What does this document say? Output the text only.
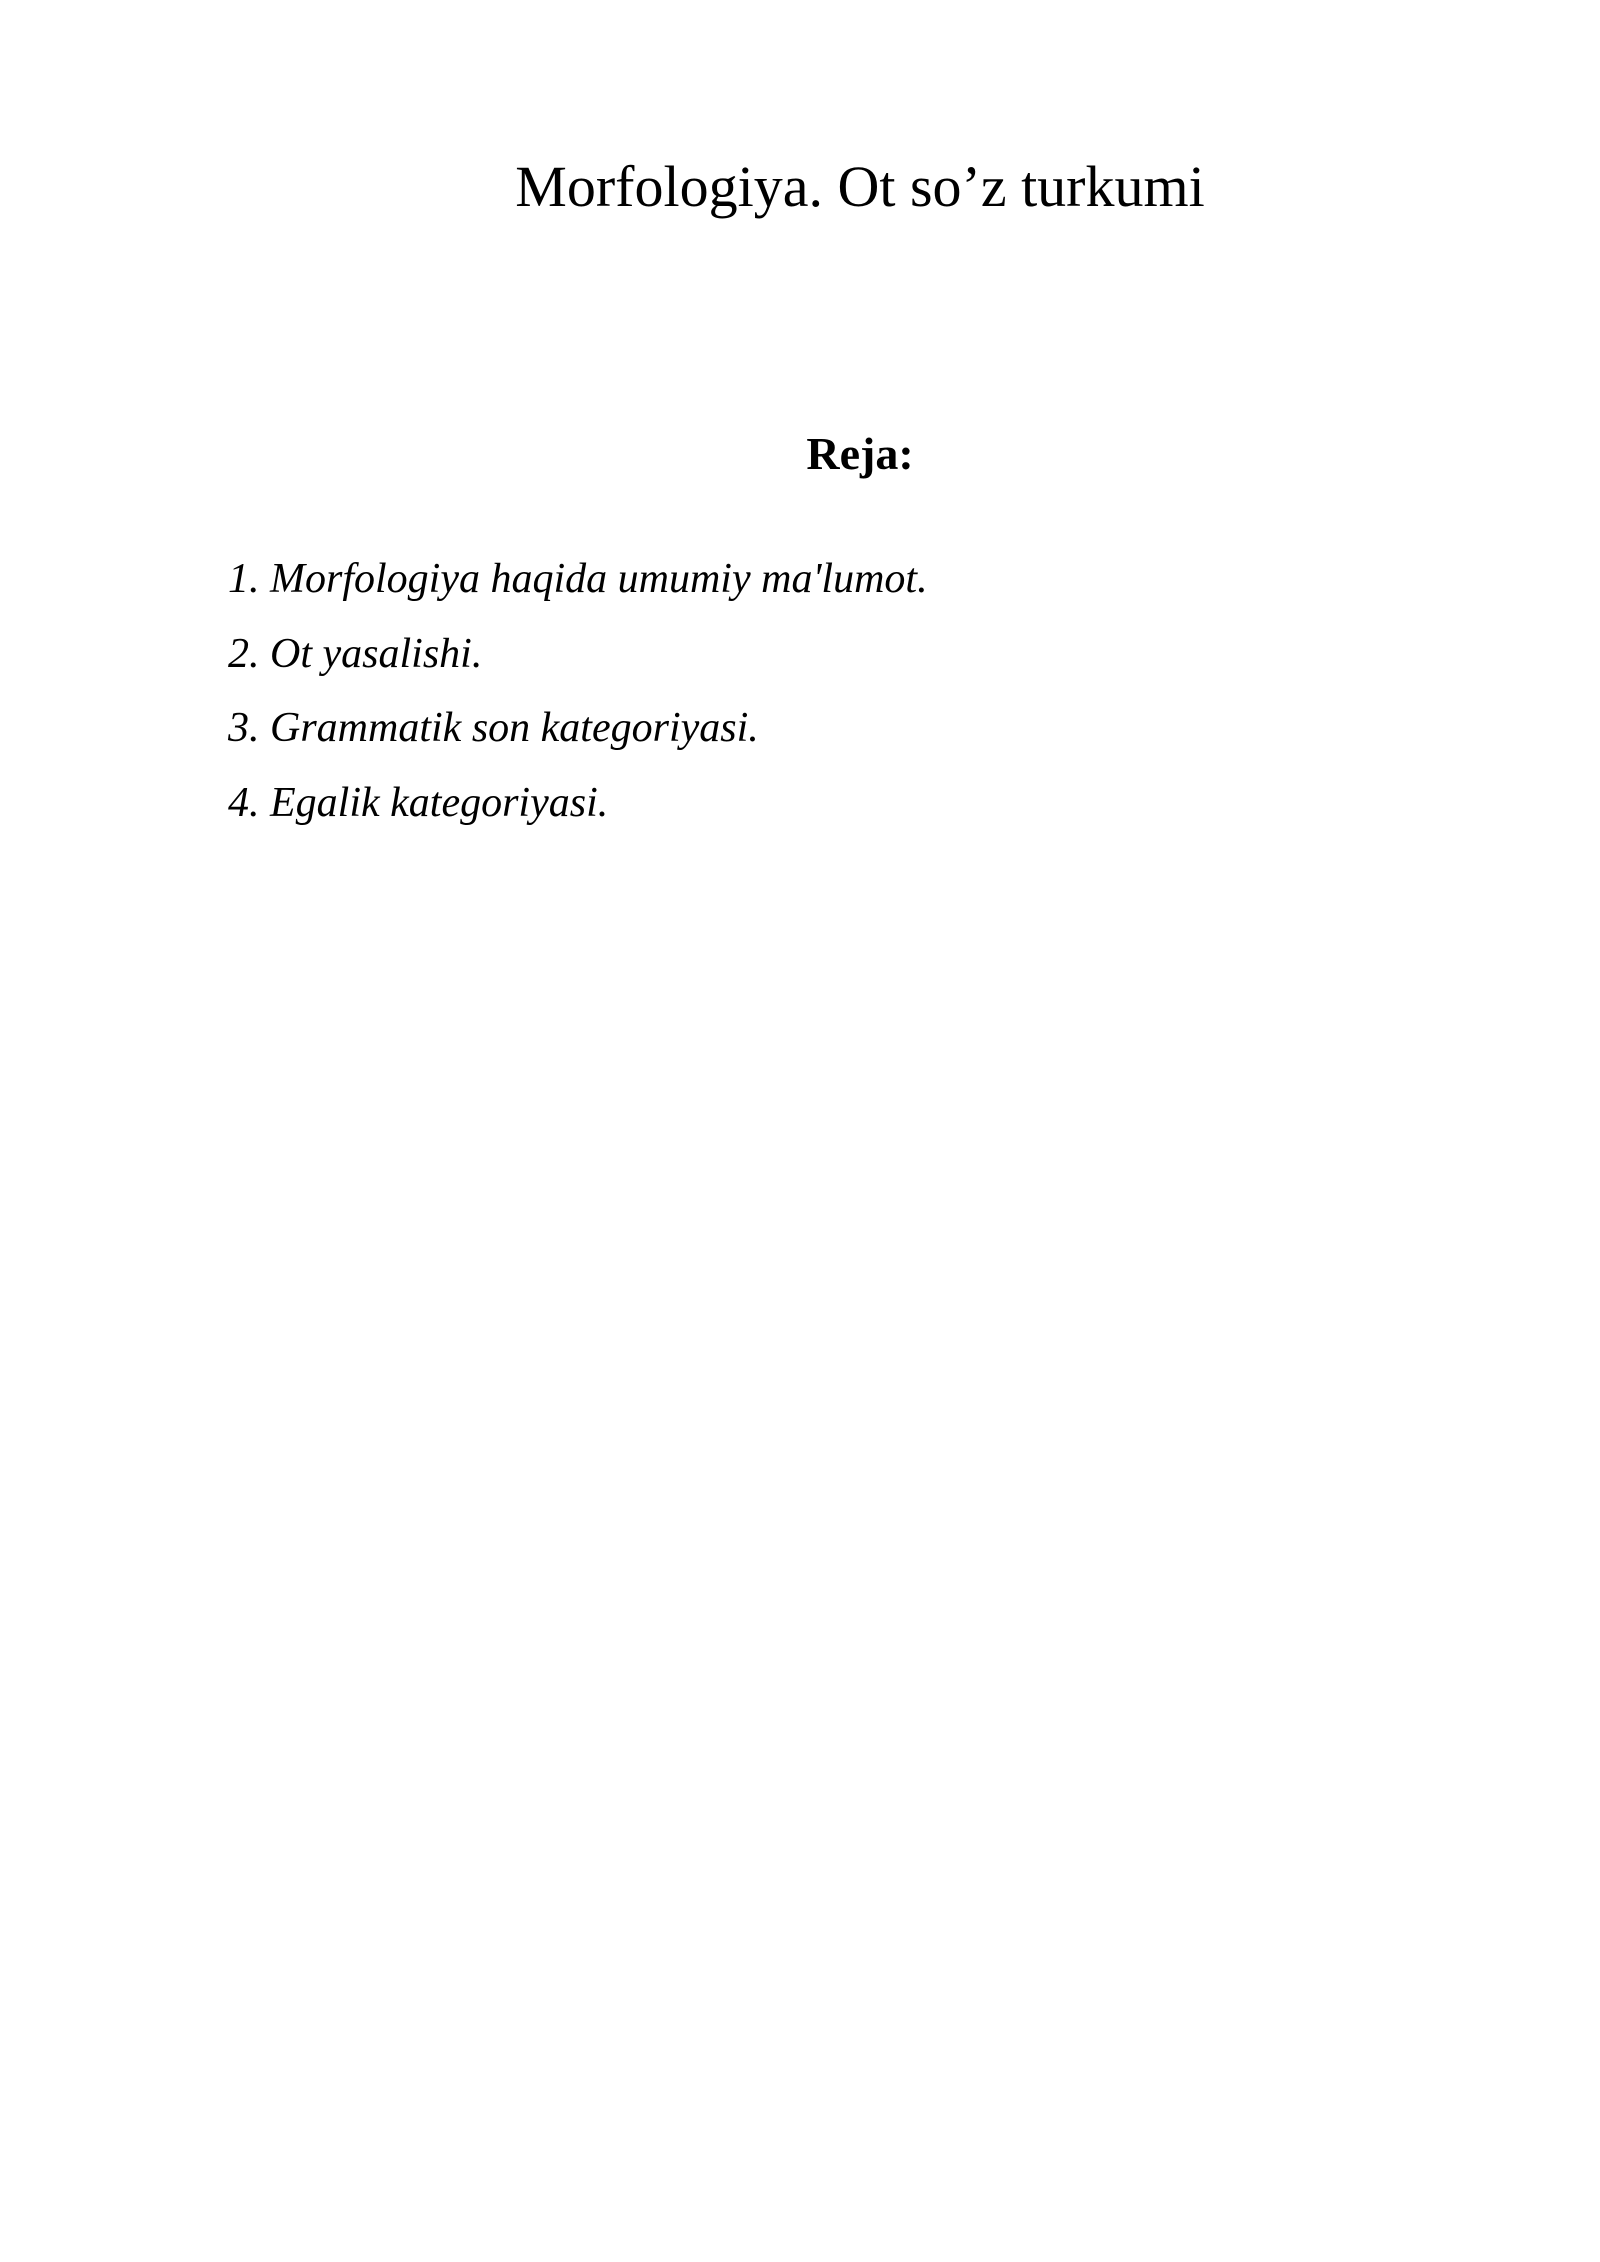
Morfologiya. Ot so’z turkumi
Reja:
1. Morfologiya haqida umumiy ma'lumot.
2. Ot yasalishi.
3. Grammatik son kategoriyasi.
4. Egalik kategoriyasi.
